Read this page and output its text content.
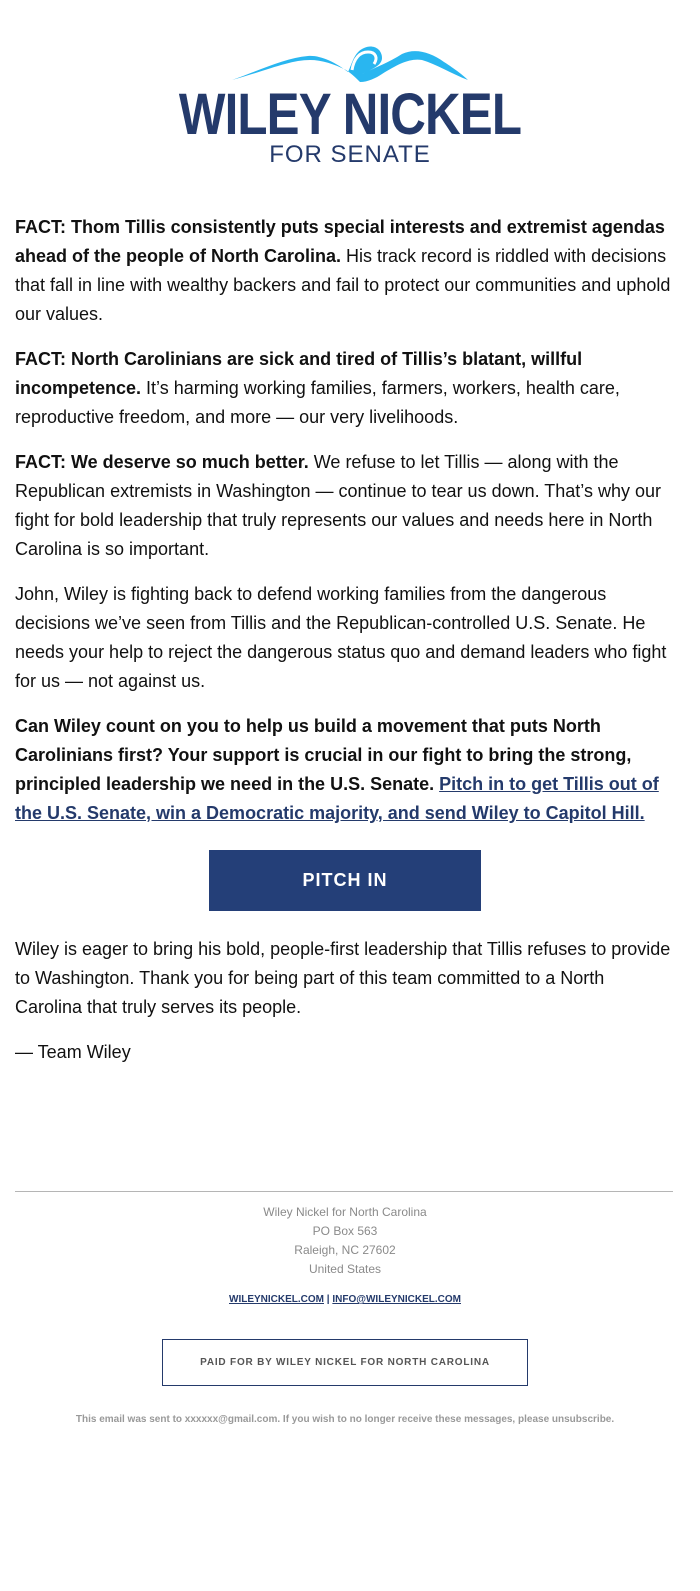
WILEY NICKEL
FOR SENATE

FACT: Thom Tillis consistently puts special interests and extremist agendas ahead of the people of North Carolina. His track record is riddled with decisions that fall in line with wealthy backers and fail to protect our communities and uphold our values.

FACT: North Carolinians are sick and tired of Tillis’s blatant, willful incompetence. It’s harming working families, farmers, workers, health care, reproductive freedom, and more — our very livelihoods.

FACT: We deserve so much better. We refuse to let Tillis — along with the Republican extremists in Washington — continue to tear us down. That’s why our fight for bold leadership that truly represents our values and needs here in North Carolina is so important.

John, Wiley is fighting back to defend working families from the dangerous decisions we’ve seen from Tillis and the Republican-controlled U.S. Senate. He needs your help to reject the dangerous status quo and demand leaders who fight for us — not against us.

Can Wiley count on you to help us build a movement that puts North Carolinians first? Your support is crucial in our fight to bring the strong, principled leadership we need in the U.S. Senate. Pitch in to get Tillis out of the U.S. Senate, win a Democratic majority, and send Wiley to Capitol Hill.

PITCH IN

Wiley is eager to bring his bold, people-first leadership that Tillis refuses to provide to Washington. Thank you for being part of this team committed to a North Carolina that truly serves its people.

— Team Wiley

Wiley Nickel for North Carolina
PO Box 563
Raleigh, NC 27602
United States
WILEYNICKEL.COM | INFO@WILEYNICKEL.COM
PAID FOR BY WILEY NICKEL FOR NORTH CAROLINA
This email was sent to xxxxxx@gmail.com. If you wish to no longer receive these messages, please unsubscribe.
